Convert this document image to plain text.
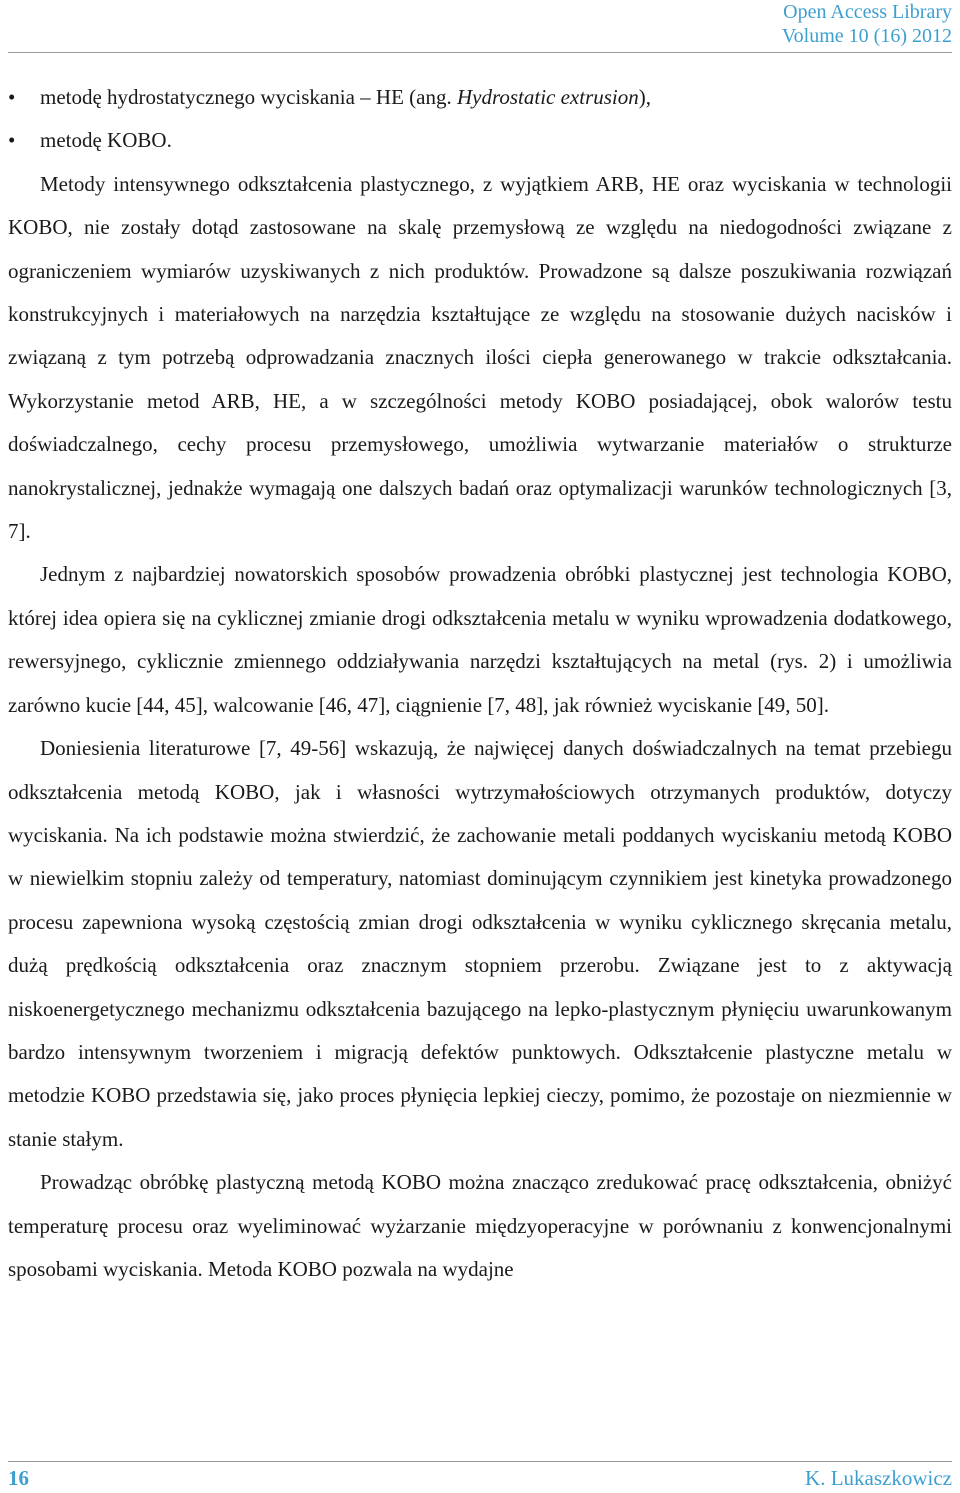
Open Access Library
Volume 10 (16) 2012
• metodę hydrostatycznego wyciskania – HE (ang. Hydrostatic extrusion),
• metodę KOBO.

Metody intensywnego odkształcenia plastycznego, z wyjątkiem ARB, HE oraz wyciskania w technologii KOBO, nie zostały dotąd zastosowane na skalę przemysłową ze względu na niedogodności związane z ograniczeniem wymiarów uzyskiwanych z nich produktów. Prowadzone są dalsze poszukiwania rozwiązań konstrukcyjnych i materiałowych na narzędzia kształtujące ze względu na stosowanie dużych nacisków i związaną z tym potrzebą odprowadzania znacznych ilości ciepła generowanego w trakcie odkształcania. Wykorzystanie metod ARB, HE, a w szczególności metody KOBO posiadającej, obok walorów testu doświadczalnego, cechy procesu przemysłowego, umożliwia wytwarzanie materiałów o strukturze nanokrystalicznej, jednakże wymagają one dalszych badań oraz optymalizacji warunków technologicznych [3, 7].

Jednym z najbardziej nowatorskich sposobów prowadzenia obróbki plastycznej jest technologia KOBO, której idea opiera się na cyklicznej zmianie drogi odkształcenia metalu w wyniku wprowadzenia dodatkowego, rewersyjnego, cyklicznie zmiennego oddziaływania narzędzi kształtujących na metal (rys. 2) i umożliwia zarówno kucie [44, 45], walcowanie [46, 47], ciągnienie [7, 48], jak również wyciskanie [49, 50].

Doniesienia literaturowe [7, 49-56] wskazują, że najwięcej danych doświadczalnych na temat przebiegu odkształcenia metodą KOBO, jak i własności wytrzymałościowych otrzymanych produktów, dotyczy wyciskania. Na ich podstawie można stwierdzić, że zachowanie metali poddanych wyciskaniu metodą KOBO w niewielkim stopniu zależy od temperatury, natomiast dominującym czynnikiem jest kinetyka prowadzonego procesu zapewniona wysoką częstością zmian drogi odkształcenia w wyniku cyklicznego skręcania metalu, dużą prędkością odkształcenia oraz znacznym stopniem przerobu. Związane jest to z aktywacją niskoenergetycznego mechanizmu odkształcenia bazującego na lepko-plastycznym płynięciu uwarunkowanym bardzo intensywnym tworzeniem i migracją defektów punktowych. Odkształcenie plastyczne metalu w metodzie KOBO przedstawia się, jako proces płynięcia lepkiej cieczy, pomimo, że pozostaje on niezmiennie w stanie stałym.

Prowadząc obróbkę plastyczną metodą KOBO można znacząco zredukować pracę odkształcenia, obniżyć temperaturę procesu oraz wyeliminować wyżarzanie międzyoperacyjne w porównaniu z konwencjonalnymi sposobami wyciskania. Metoda KOBO pozwala na wydajne

16	K. Lukaszkowicz
